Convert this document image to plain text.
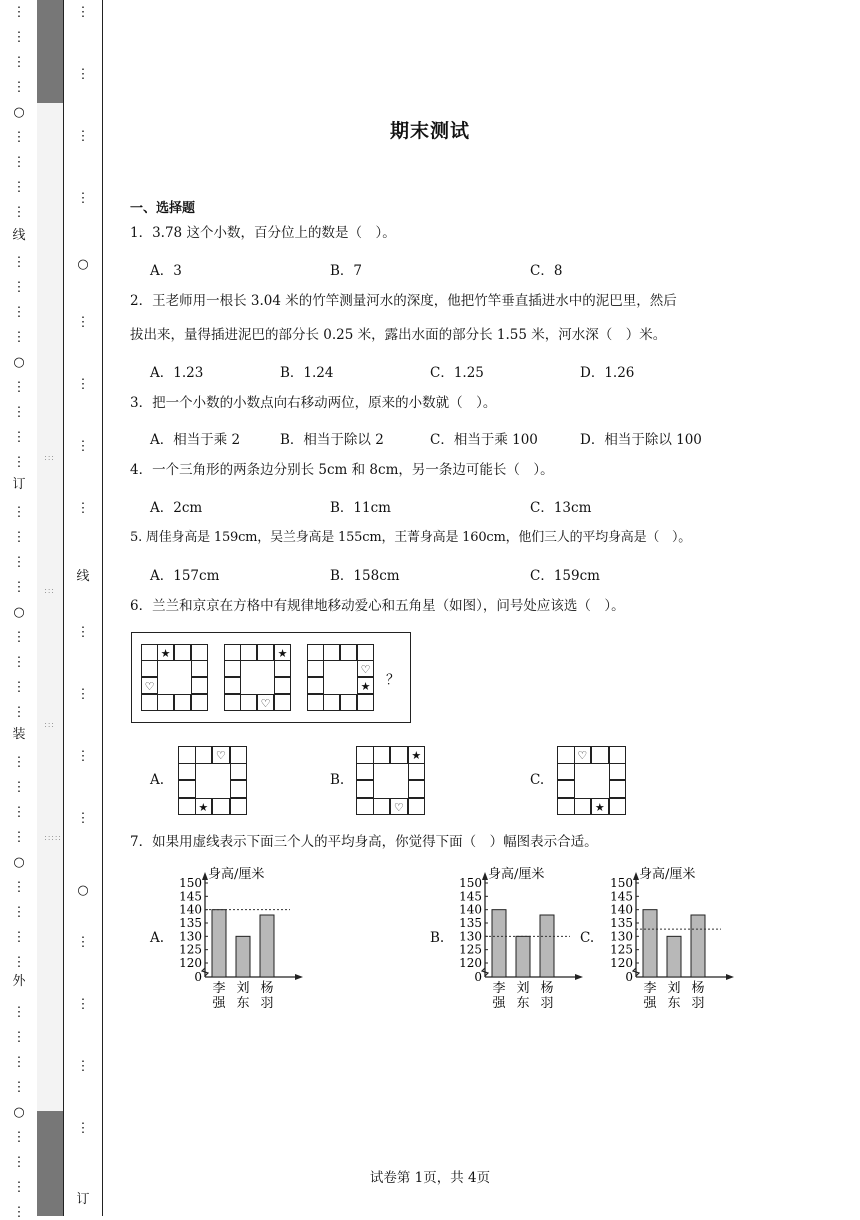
⋮
⋮
⋮
⋮
⋮
⋮
⋮
⋮
⋮
⋮
⋮
⋮
⋮
⋮
⋮
⋮
⋮
⋮
⋮
⋮
⋮
⋮
⋮
⋮
⋮
⋮
⋮
⋮
⋮
⋮
⋮
⋮
⋮
⋮
⋮
⋮
⋮
⋮
⋮
⋮
○
○
○
○
○
线
订
装
外
⋮
⋮
⋮
⋮
⋮
⋮
⋮
⋮
⋮
⋮
⋮
⋮
⋮
⋮
⋮
⋮
○
○
线
订
：：：
：：：
：：：
：：：：：
期末测试
一、选择题
1．3.78 这个小数，百分位上的数是（　）。
A．3	B．7	C．8
2．王老师用一根长 3.04 米的竹竿测量河水的深度，他把竹竿垂直插进水中的泥巴里，然后
拔出来，量得插进泥巴的部分长 0.25 米，露出水面的部分长 1.55 米，河水深（　）米。
A．1.23	B．1.24	C．1.25	D．1.26
3．把一个小数的小数点向右移动两位，原来的小数就（　）。
A．相当于乘 2	B．相当于除以 2	C．相当于乘 100	D．相当于除以 100
4．一个三角形的两条边分别长 5cm 和 8cm，另一条边可能长（　）。
A．2cm	B．11cm	C．13cm
5. 周佳身高是 159cm，吴兰身高是 155cm，王菁身高是 160cm，他们三人的平均身高是（　）。
A．157cm	B．158cm	C．159cm
6．兰兰和京京在方格中有规律地移动爱心和五角星（如图），问号处应该选（　）。
★
♡
★
♡
♡
★
♡
★
★
♡
♡
★
？
A.	B.	C.
7．如果用虚线表示下面三个人的平均身高，你觉得下面（　）幅图表示合适。
A.	B.	C.
身高/厘米
150
145
140
135
130
125
120
0
李
强
刘
东
杨
羽
身高/厘米
150
145
140
135
130
125
120
0
李
强
刘
东
杨
羽
身高/厘米
150
145
140
135
130
125
120
0
李
强
刘
东
杨
羽
试卷第 1页，共 4页
